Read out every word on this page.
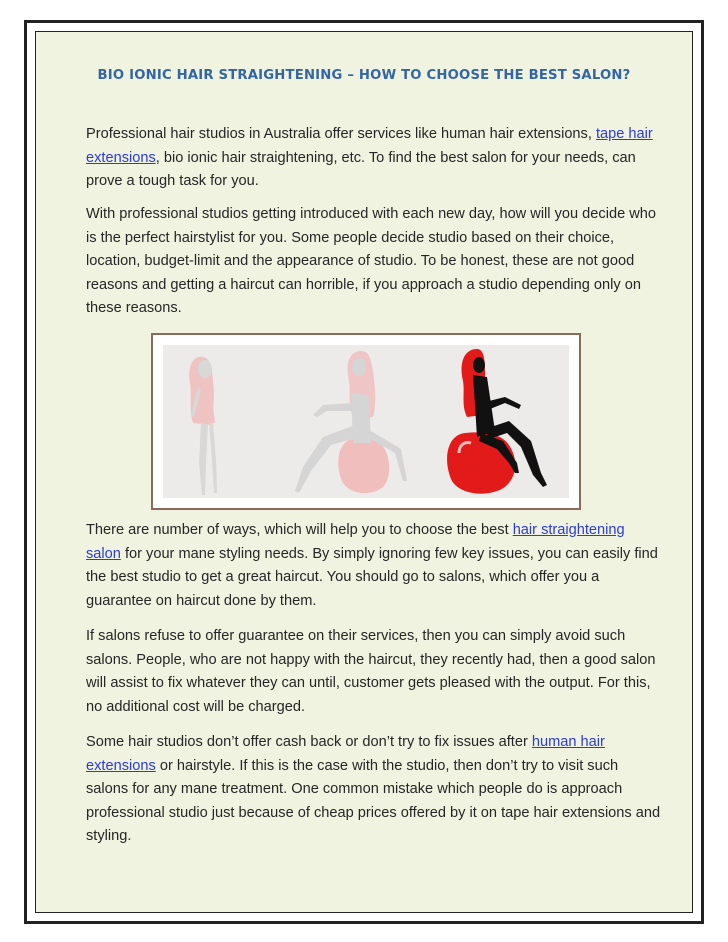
BIO IONIC HAIR STRAIGHTENING – HOW TO CHOOSE THE BEST SALON?

Professional hair studios in Australia offer services like human hair extensions, tape hair extensions, bio ionic hair straightening, etc. To find the best salon for your needs, can prove a tough task for you.

With professional studios getting introduced with each new day, how will you decide who is the perfect hairstylist for you. Some people decide studio based on their choice, location, budget-limit and the appearance of studio. To be honest, these are not good reasons and getting a haircut can horrible, if you approach a studio depending only on these reasons.

There are number of ways, which will help you to choose the best hair straightening salon for your mane styling needs. By simply ignoring few key issues, you can easily find the best studio to get a great haircut. You should go to salons, which offer you a guarantee on haircut done by them.

If salons refuse to offer guarantee on their services, then you can simply avoid such salons. People, who are not happy with the haircut, they recently had, then a good salon will assist to fix whatever they can until, customer gets pleased with the output. For this, no additional cost will be charged.

Some hair studios don’t offer cash back or don’t try to fix issues after human hair extensions or hairstyle. If this is the case with the studio, then don’t try to visit such salons for any mane treatment. One common mistake which people do is approach professional studio just because of cheap prices offered by it on tape hair extensions and styling.
